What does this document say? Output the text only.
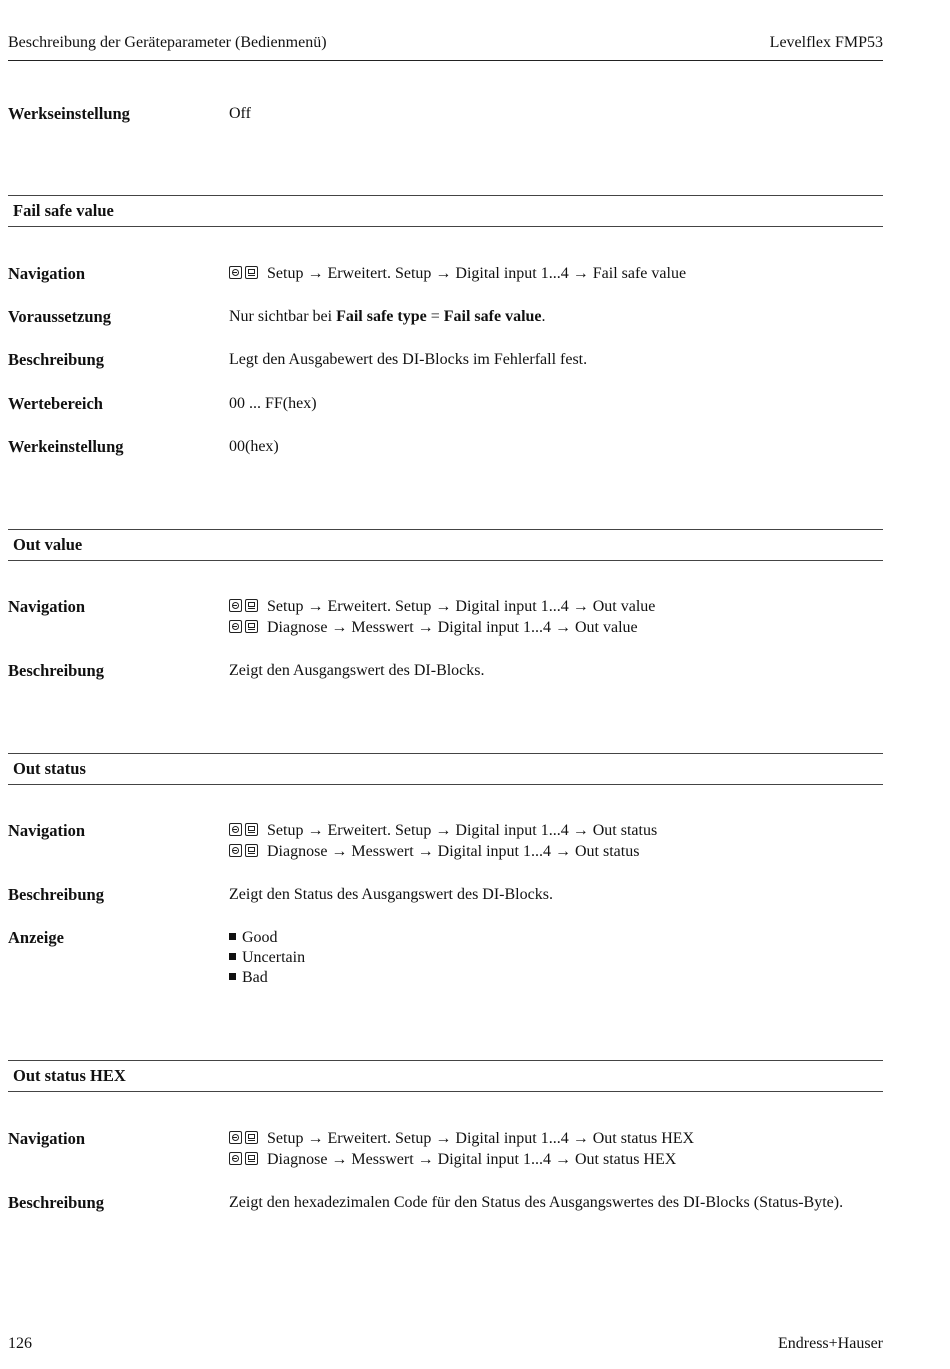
Beschreibung der Geräteparameter (Bedienmenü)	Levelflex FMP53
Werkseinstellung	Off
Fail safe value
Navigation	Setup → Erweitert. Setup → Digital input 1...4 → Fail safe value
Voraussetzung	Nur sichtbar bei Fail safe type = Fail safe value.
Beschreibung	Legt den Ausgabewert des DI-Blocks im Fehlerfall fest.
Wertebereich	00 ... FF(hex)
Werkeinstellung	00(hex)
Out value
Navigation	Setup → Erweitert. Setup → Digital input 1...4 → Out value
Diagnose → Messwert → Digital input 1...4 → Out value
Beschreibung	Zeigt den Ausgangswert des DI-Blocks.
Out status
Navigation	Setup → Erweitert. Setup → Digital input 1...4 → Out status
Diagnose → Messwert → Digital input 1...4 → Out status
Beschreibung	Zeigt den Status des Ausgangswert des DI-Blocks.
Anzeige	Good
Uncertain
Bad
Out status HEX
Navigation	Setup → Erweitert. Setup → Digital input 1...4 → Out status HEX
Diagnose → Messwert → Digital input 1...4 → Out status HEX
Beschreibung	Zeigt den hexadezimalen Code für den Status des Ausgangswertes des DI-Blocks (Status-Byte).
126	Endress+Hauser
